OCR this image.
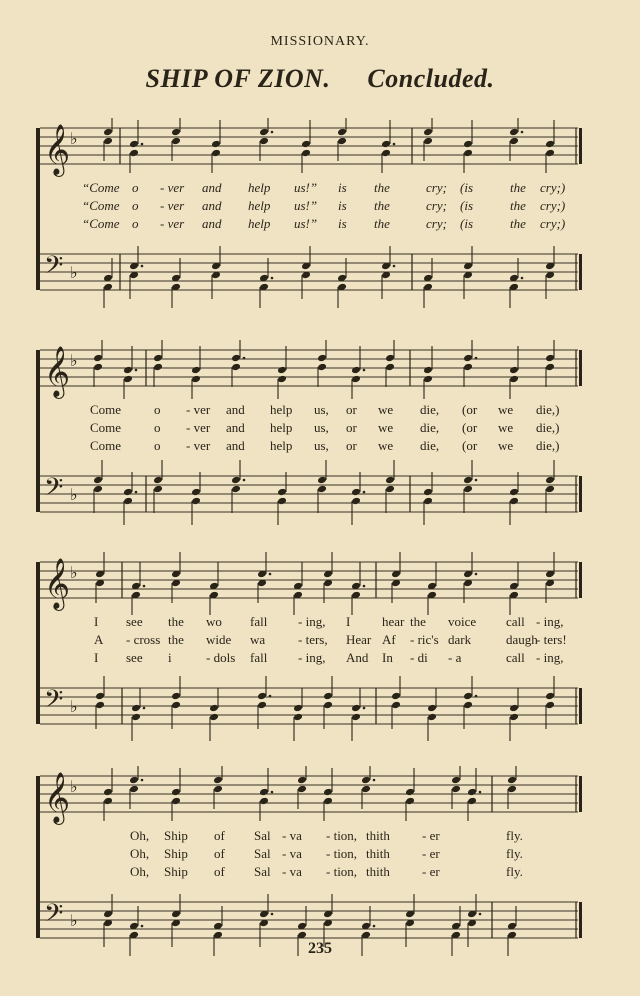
MISSIONARY.
SHIP OF ZION. Concluded.
𝄞 ♭
𝄢 ♭
“Come o - ver and help us!” is the	cry; (is	the cry;)
“Come o - ver and help us!” is the	cry; (is	the cry;)
“Come o - ver and help us!” is the	cry; (is	the cry;)
𝄞 ♭
𝄢 ♭
Come	o - ver and help us, or we die, (or we die,)
Come	o - ver and help us, or we die, (or we die,)
Come	o - ver and help us, or we die, (or we die,)
𝄞 ♭
𝄢 ♭
I see the wo fall - ing, I hear the voice call - ing,
A - cross the wide wa	- ters, Hear Af - ric's dark	daugh
- ters!
I see i	- dols fall - ing, And In - di - a	call - ing,
𝄞 ♭
𝄢 ♭
Oh, Ship of Sal - va - tion, thith - er	fly.
Oh, Ship of Sal - va - tion, thith - er	fly.
Oh, Ship of Sal - va - tion, thith - er	fly.
235
